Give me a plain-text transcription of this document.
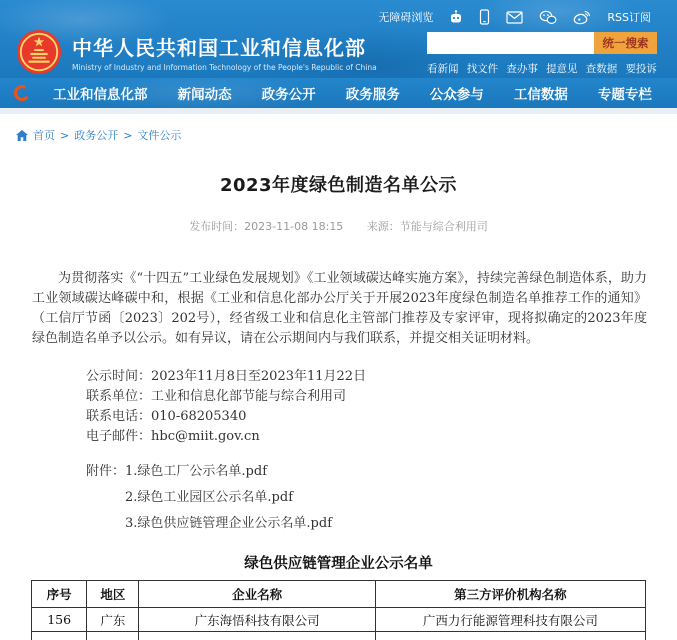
无障碍浏览	RSS订阅
中华人民共和国工业和信息化部
Ministry of Industry and Information Technology of the People's Republic of China
统一搜索
看新闻 找文件 查办事 提意见 查数据 要投诉
工业和信息化部 新闻动态 政务公开 政务服务 公众参与 工信数据 专题专栏
首页 > 政务公开 > 文件公示
2023年度绿色制造名单公示
发布时间：2023-11-08 18:15 来源：节能与综合利用司

为贯彻落实《“十四五”工业绿色发展规划》《工业领域碳达峰实施方案》，持续完善绿色制造体系，助力工业领域碳达峰碳中和，根据《工业和信息化部办公厅关于开展2023年度绿色制造名单推荐工作的通知》（工信厅节函〔2023〕202号），经省级工业和信息化主管部门推荐及专家评审，现将拟确定的2023年度绿色制造名单予以公示。如有异议，请在公示期间内与我们联系，并提交相关证明材料。

公示时间：2023年11月8日至2023年11月22日
联系单位：工业和信息化部节能与综合利用司
联系电话：010-68205340
电子邮件：hbc@miit.gov.cn
附件： 1.绿色工厂公示名单.pdf
2.绿色工业园区公示名单.pdf
3.绿色供应链管理企业公示名单.pdf
绿色供应链管理企业公示名单
序号	地区	企业名称	第三方评价机构名称
156	广东	广东海悟科技有限公司	广西力行能源管理科技有限公司
